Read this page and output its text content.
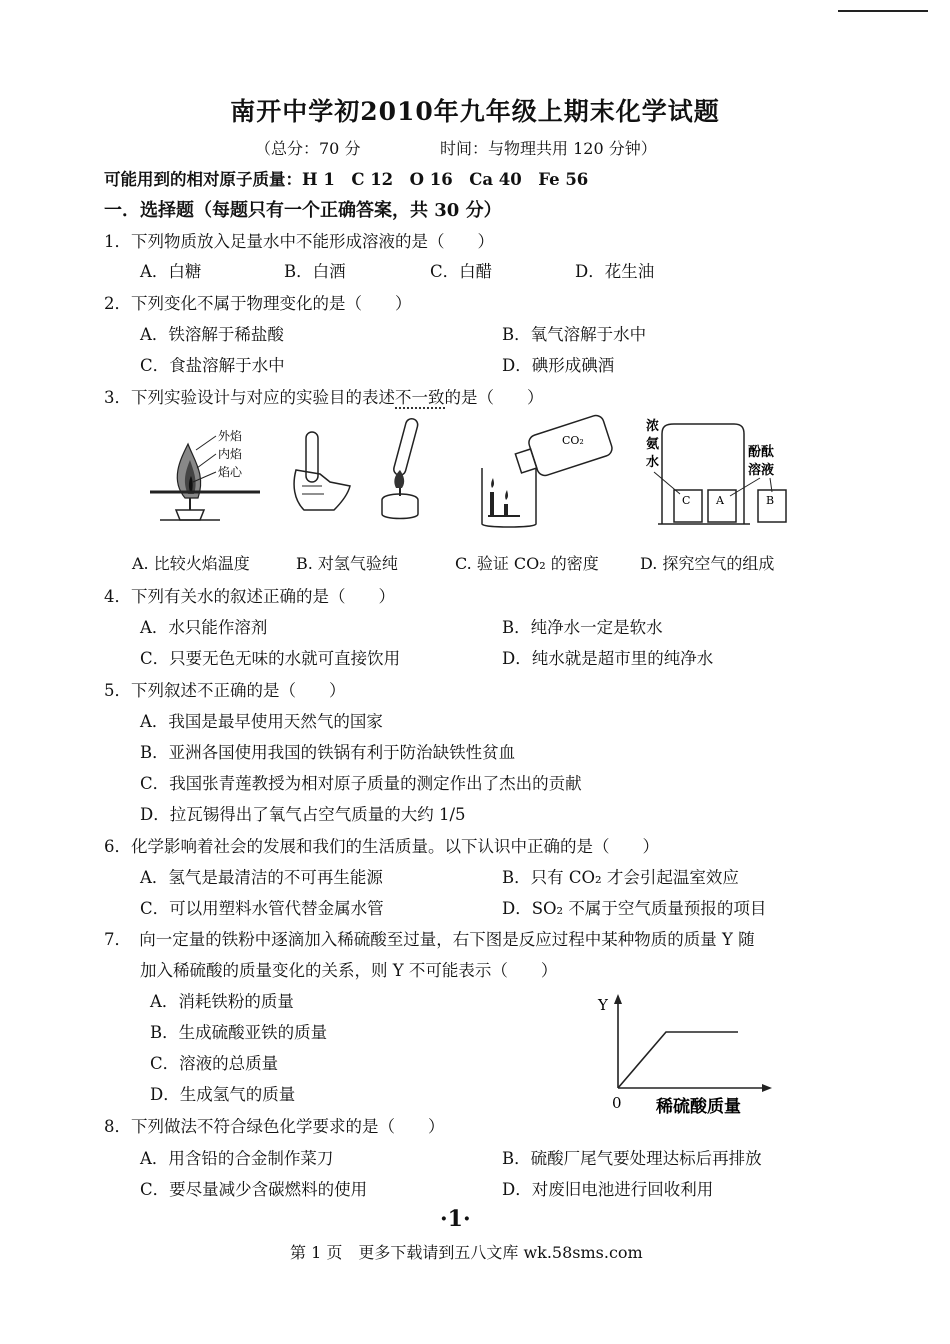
南开中学初2010年九年级上期末化学试题
（总分：70 分	时间：与物理共用 120 分钟）
可能用到的相对原子质量：H 1　C 12　O 16　Ca 40　Fe 56
一．选择题（每题只有一个正确答案，共 30 分）
1．下列物质放入足量水中不能形成溶液的是（　　）
A．白糖	B．白酒	C．白醋	D．花生油
2．下列变化不属于物理变化的是（　　）
A．铁溶解于稀盐酸	B．氧气溶解于水中
C．食盐溶解于水中	D．碘形成碘酒
3．下列实验设计与对应的实验目的表述不一致的是（　　）
外焰
内焰
焰心
CO₂
浓
氨
水
C A	B
酚酞
溶液
A. 比较火焰温度	B. 对氢气验纯	C. 验证 CO₂ 的密度	D. 探究空气的组成
4．下列有关水的叙述正确的是（　　）
A．水只能作溶剂	B．纯净水一定是软水
C．只要无色无味的水就可直接饮用	D．纯水就是超市里的纯净水
5．下列叙述不正确的是（　　）
A．我国是最早使用天然气的国家
B．亚洲各国使用我国的铁锅有利于防治缺铁性贫血
C．我国张青莲教授为相对原子质量的测定作出了杰出的贡献
D．拉瓦锡得出了氧气占空气质量的大约 1/5
6．化学影响着社会的发展和我们的生活质量。以下认识中正确的是（　　）
A．氢气是最清洁的不可再生能源	B．只有 CO₂ 才会引起温室效应
C．可以用塑料水管代替金属水管	D．SO₂ 不属于空气质量预报的项目
7．　向一定量的铁粉中逐滴加入稀硫酸至过量，右下图是反应过程中某种物质的质量 Y 随
加入稀硫酸的质量变化的关系，则 Y 不可能表示（　　）
A．消耗铁粉的质量
B．生成硫酸亚铁的质量
C．溶液的总质量
D．生成氢气的质量
Y
0 稀硫酸质量
8．下列做法不符合绿色化学要求的是（　　）
A．用含铅的合金制作菜刀	B．硫酸厂尾气要处理达标后再排放
C．要尽量减少含碳燃料的使用	D．对废旧电池进行回收利用
·1·
第 1 页　更多下载请到五八文库 wk.58sms.com
